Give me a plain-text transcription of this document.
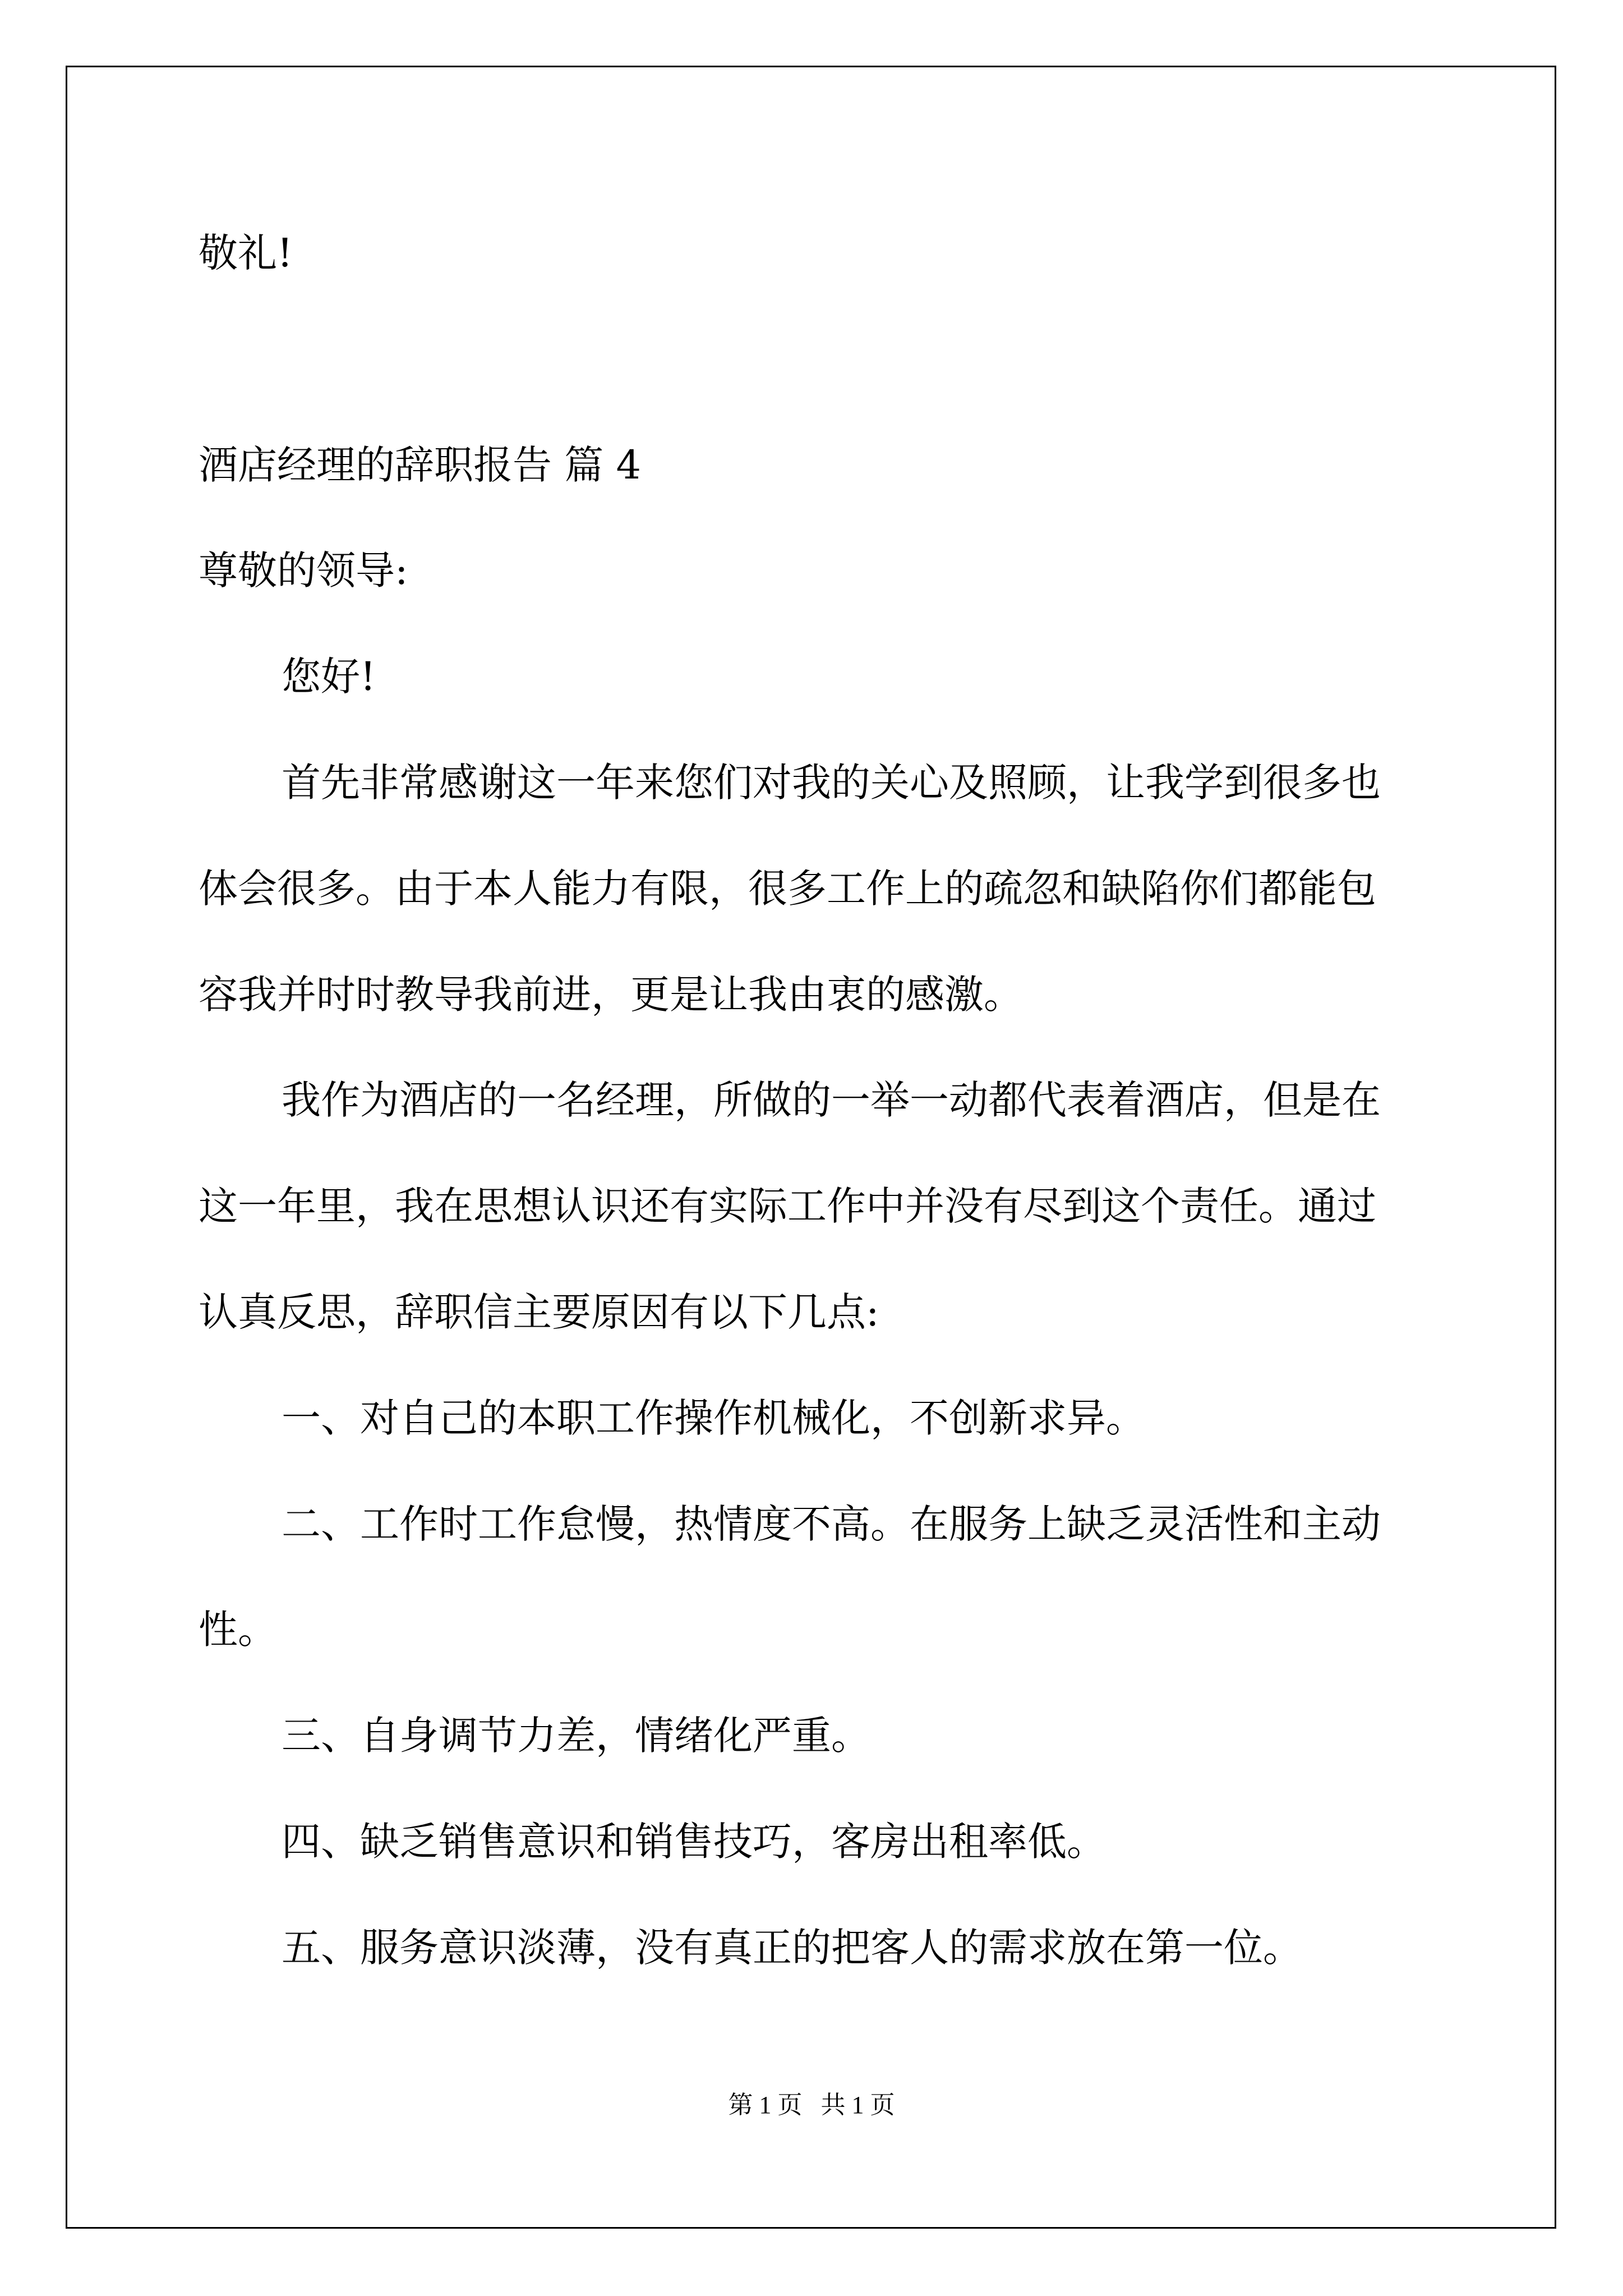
敬礼!
酒店经理的辞职报告 篇 4
尊敬的领导:
您好!
首先非常感谢这一年来您们对我的关心及照顾，让我学到很多也
体会很多。由于本人能力有限，很多工作上的疏忽和缺陷你们都能包
容我并时时教导我前进，更是让我由衷的感激。
我作为酒店的一名经理，所做的一举一动都代表着酒店，但是在
这一年里，我在思想认识还有实际工作中并没有尽到这个责任。通过
认真反思，辞职信主要原因有以下几点:
一、对自己的本职工作操作机械化，不创新求异。
二、工作时工作怠慢，热情度不高。在服务上缺乏灵活性和主动
性。
三、自身调节力差，情绪化严重。
四、缺乏销售意识和销售技巧，客房出租率低。
五、服务意识淡薄，没有真正的把客人的需求放在第一位。
第 1 页   共 1 页
